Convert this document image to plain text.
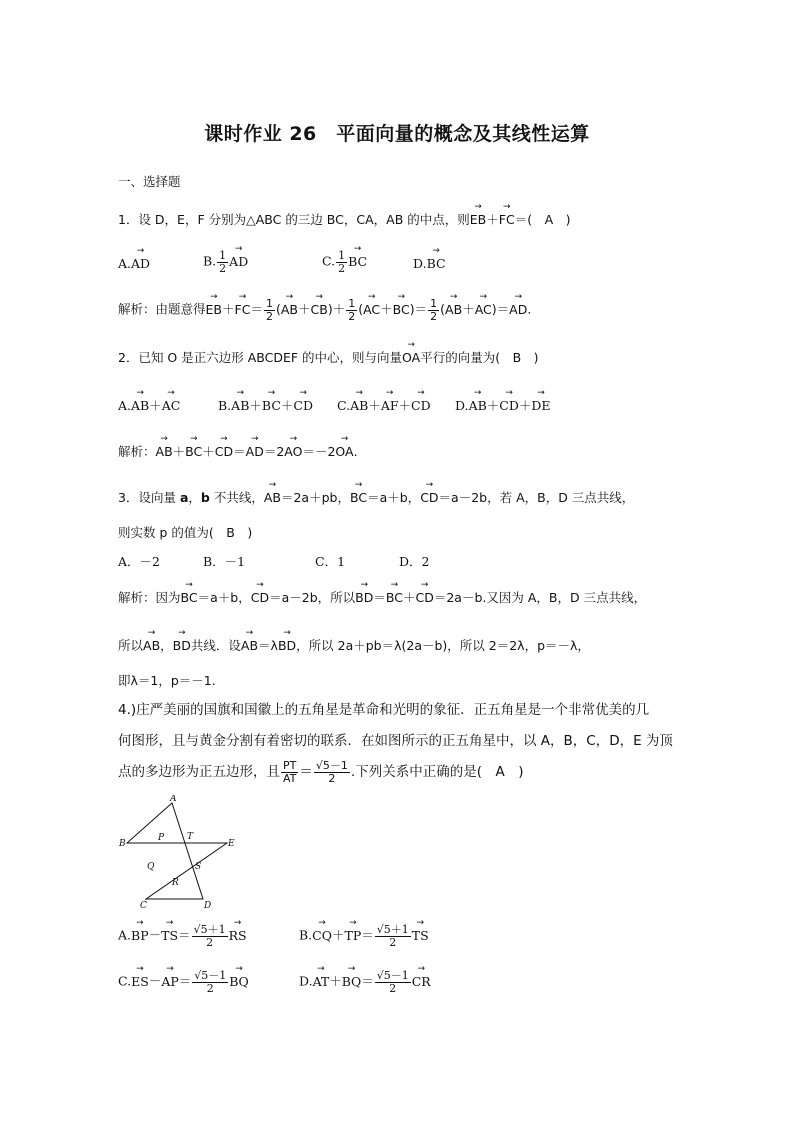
课时作业 26　平面向量的概念及其线性运算
一、选择题
1．设 D，E，F 分别为△ABC 的三边 BC，CA，AB 的中点，则→ EB＋→ FC＝(　A　)
A.→ AD	B. $\frac{1}{2}$ → AD	C. $\frac{1}{2}$ → BC	D.→ BC
解析：由题意得→ $EB+\to FC= \frac{1}{2}$ (→ $AB+\to CB)+ \frac{1}{2}$ (→ $AC+\to BC)= \frac{1}{2}$ (→ AB＋→ AC)＝→ AD.
2．已知 O 是正六边形 ABCDEF 的中心，则与向量→ OA平行的向量为(　B　)
A.→ AB＋→ AC	B.→ AB＋→ BC＋→ CD C.→ AB＋→ AF＋→ CD D.→ AB＋→ CD＋→ DE
解析：→ AB＋→ BC＋→ CD＝→ AD＝2→ AO＝－2→ OA.
3．设向量 a，b 不共线，→ AB＝2a＋pb，→ BC＝a＋b，→ CD＝a－2b，若 A，B，D 三点共线，
则实数 p 的值为(　B　)
A．－2	B．－1	C．1	D．2
解析：因为→ BC＝a＋b，→ CD＝a－2b，所以→ BD＝→ BC＋→ CD＝2a－b.又因为 A，B，D 三点共线，
所以→ AB，→ BD共线．设→ AB＝λ→ BD，所以 2a＋pb＝λ(2a－b)，所以 2＝2λ，p＝－λ，
即λ＝1，p＝－1.
4.)庄严美丽的国旗和国徽上的五角星是革命和光明的象征．正五角星是一个非常优美的几
何图形，且与黄金分割有着密切的联系．在如图所示的正五角星中，以 A，B，C，D，E 为顶
点的多边形为正五边形，且 $\frac{PT}{AT} = \frac{√5-1}{2}$ .下列关系中正确的是(　A　)
A
B
C	D
E
P	T
Q	S
R
$A.\to BP-\to TS= \frac{√5+1}{2}$ → RS	$B.\to CQ+\to TP= \frac{√5+1}{2}$ → TS
$C.\to ES-\to AP= \frac{√5-1}{2}$ → BQ	$D.\to AT+\to BQ= \frac{√5-1}{2}$ → CR
